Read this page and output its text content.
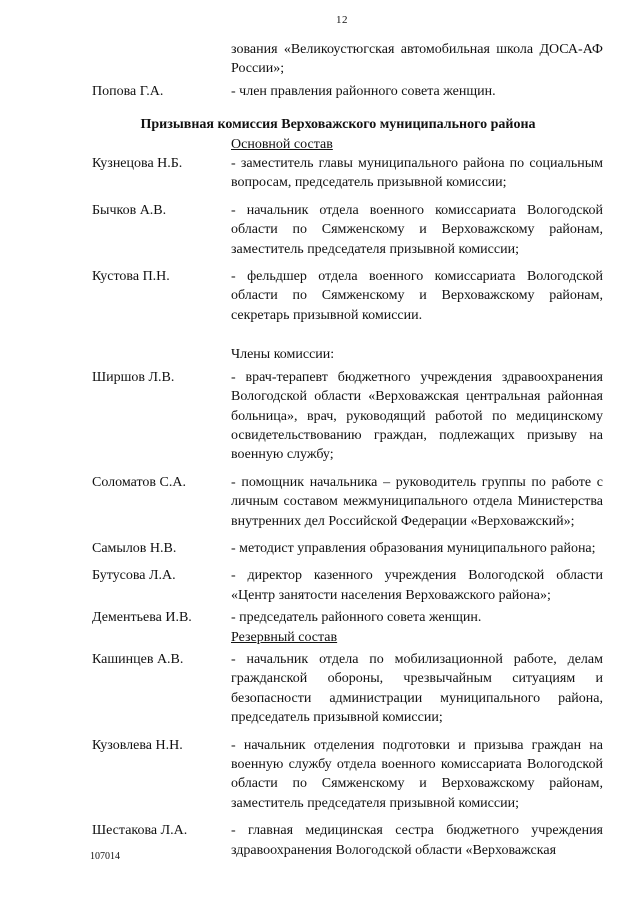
12
зования «Великоустюгская автомобильная школа ДОСА-АФ России»;
Попова Г.А.	- член правления районного совета женщин.
Призывная комиссия Верховажского муниципального района
Основной состав
Кузнецова Н.Б.	- заместитель главы муниципального района по социальным вопросам, председатель призывной комиссии;
Бычков А.В.	- начальник отдела военного комиссариата Вологодской области по Сямженскому и Верховажскому районам, заместитель председателя призывной комиссии;
Кустова П.Н.	- фельдшер отдела военного комиссариата Вологодской области по Сямженскому и Верховажскому районам, секретарь призывной комиссии.
Члены комиссии:
Ширшов Л.В.	- врач-терапевт бюджетного учреждения здравоохранения Вологодской области «Верховажская центральная районная больница», врач, руководящий работой по медицинскому освидетельствованию граждан, подлежащих призыву на военную службу;
Соломатов С.А.	- помощник начальника – руководитель группы по работе с личным составом межмуниципального отдела Министерства внутренних дел Российской Федерации «Верховажский»;
Самылов Н.В.	- методист управления образования муниципального района;
Бутусова Л.А.	- директор казенного учреждения Вологодской области «Центр занятости населения Верховажского района»;
Дементьева И.В.	- председатель районного совета женщин.
Резервный состав
Кашинцев А.В.	- начальник отдела по мобилизационной работе, делам гражданской обороны, чрезвычайным ситуациям и безопасности администрации муниципального района, председатель призывной комиссии;
Кузовлева Н.Н.	- начальник отделения подготовки и призыва граждан на военную службу отдела военного комиссариата Вологодской области по Сямженскому и Верховажскому районам, заместитель председателя призывной комиссии;
Шестакова Л.А.	- главная медицинская сестра бюджетного учреждения здравоохранения Вологодской области «Верховажская
107014
